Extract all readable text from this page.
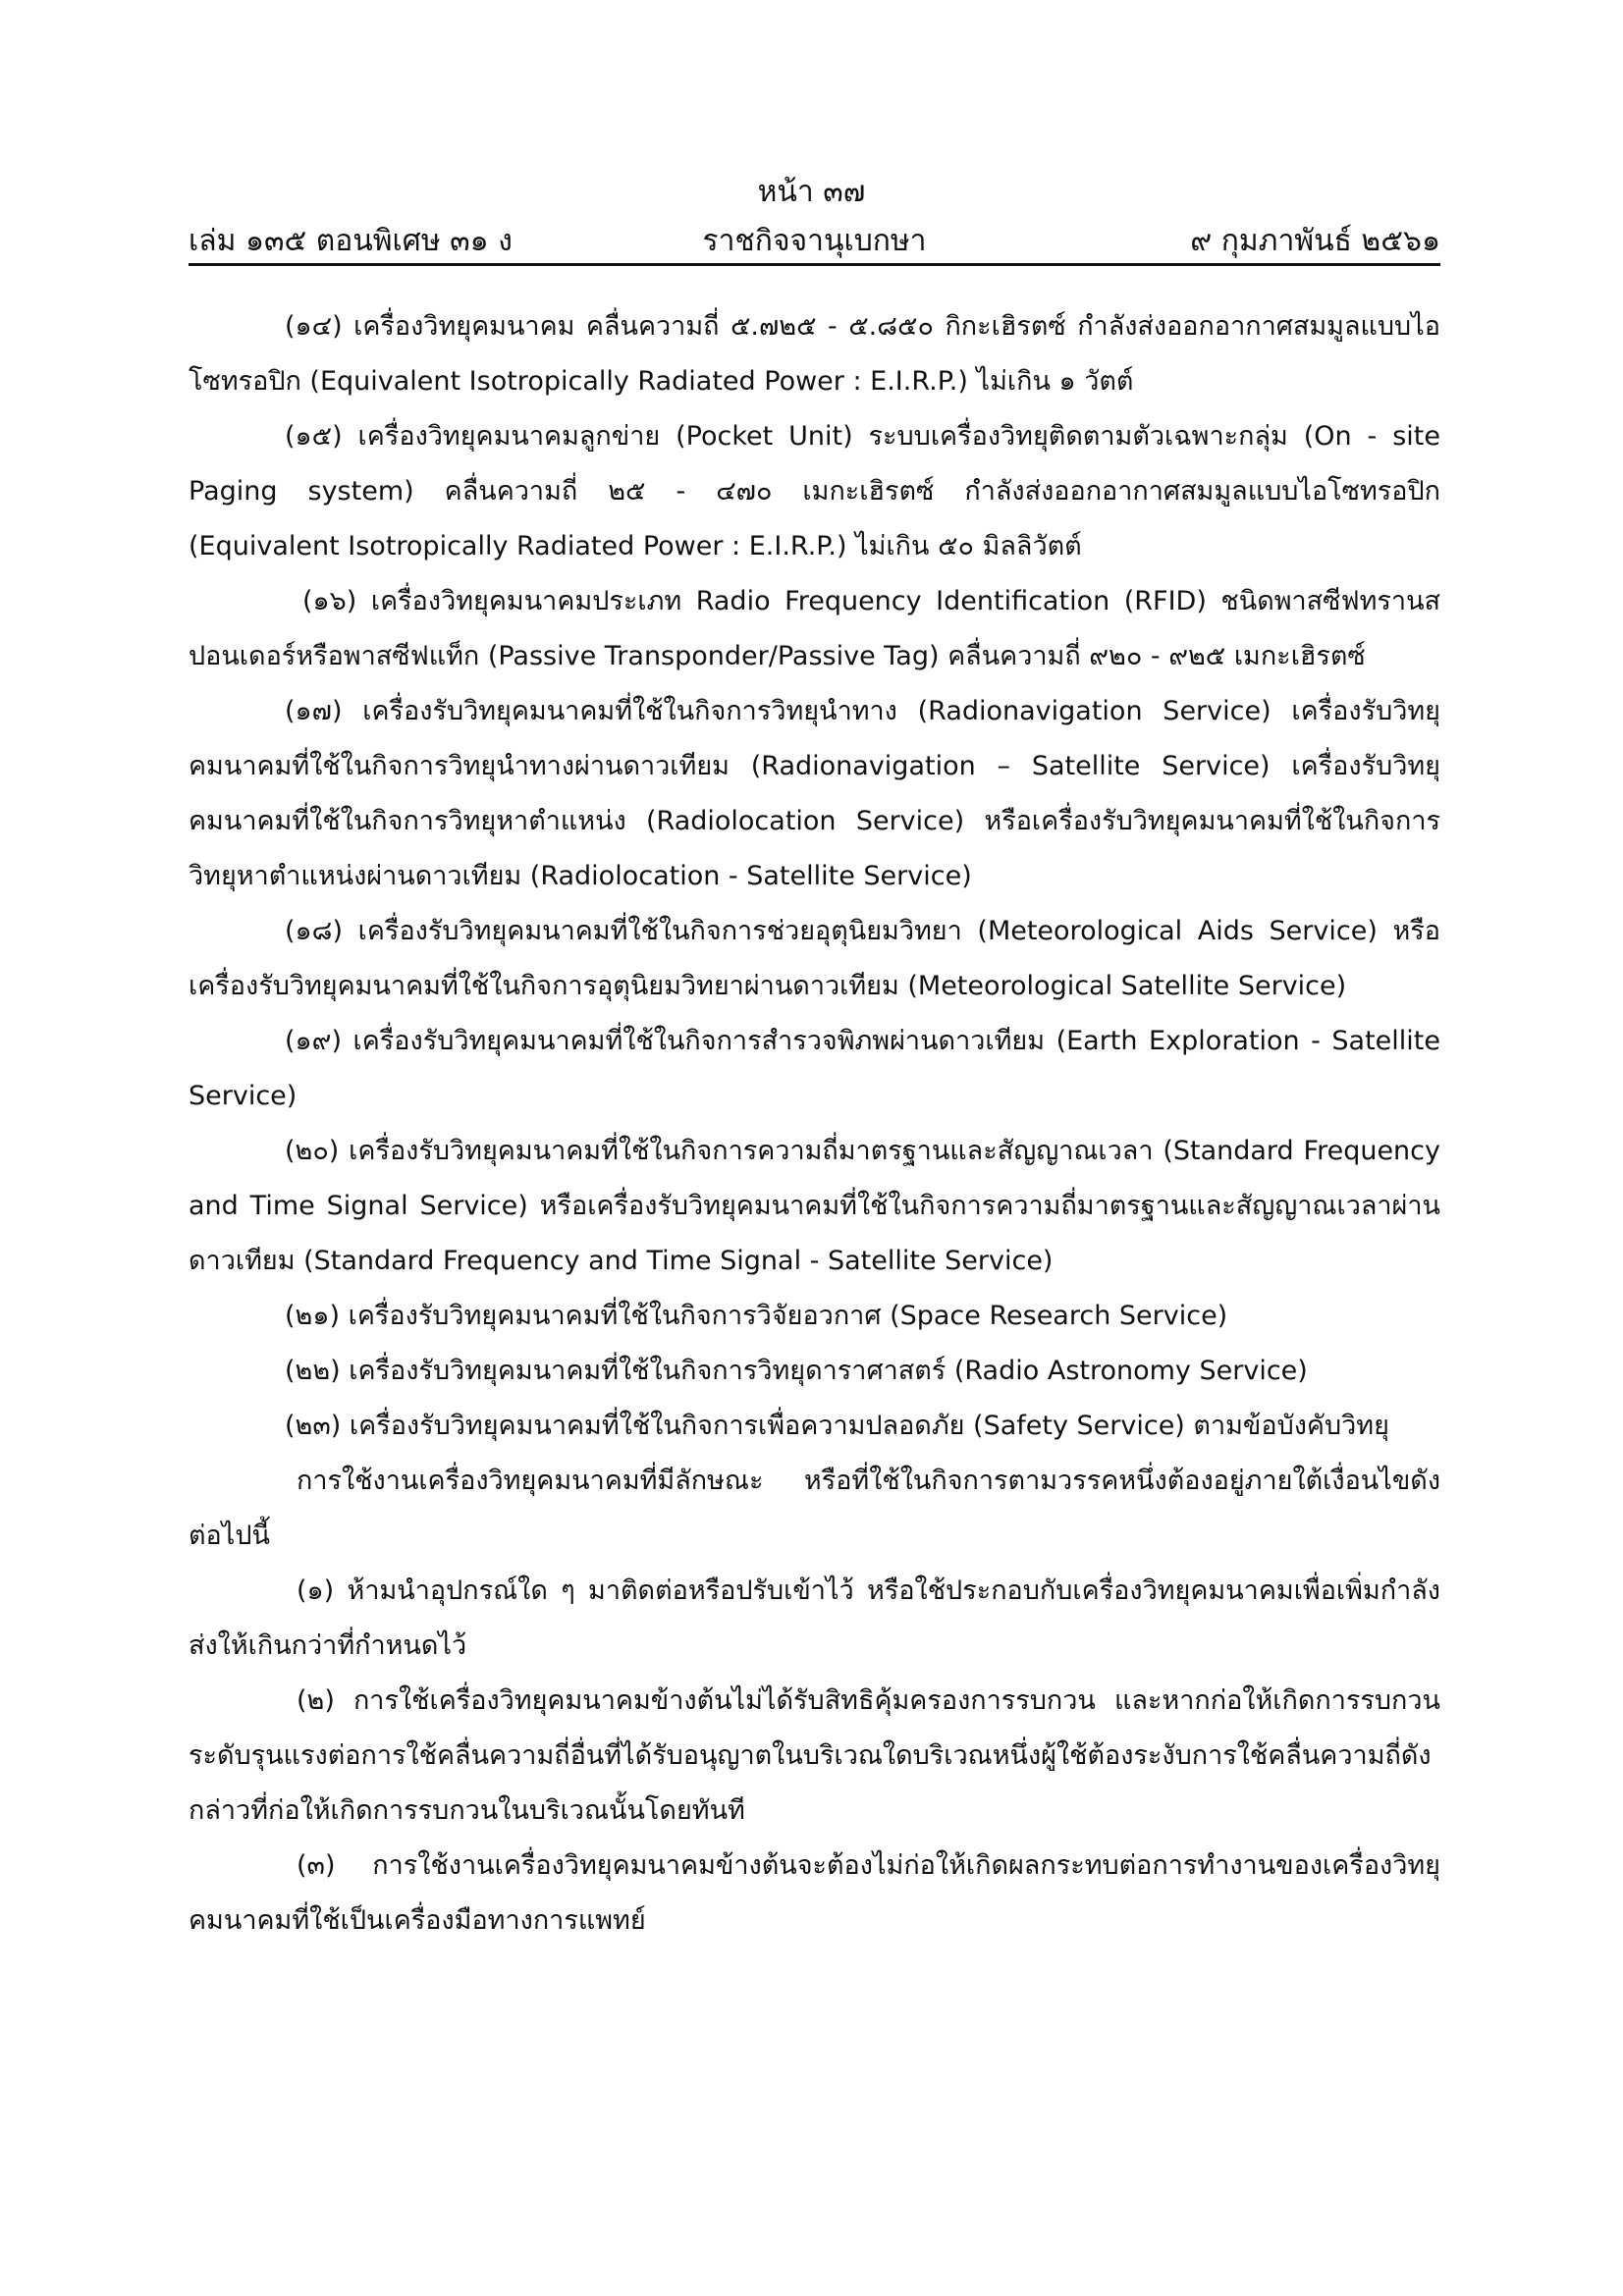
หน้า ๓๗
ราชกิจจานุเบกษา
เล่ม ๑๓๕ ตอนพิเศษ ๓๑ ง	๙ กุมภาพันธ์ ๒๕๖๑

(๑๔) เครื่องวิทยุคมนาคม คลื่นความถี่ ๕.๗๒๕ - ๕.๘๕๐ กิกะเฮิรตซ์ กำลังส่งออกอากาศสมมูลแบบไอโซทรอปิก (Equivalent Isotropically Radiated Power : E.I.R.P.) ไม่เกิน ๑ วัตต์

(๑๕) เครื่องวิทยุคมนาคมลูกข่าย (Pocket Unit) ระบบเครื่องวิทยุติดตามตัวเฉพาะกลุ่ม (On - site Paging system) คลื่นความถี่ ๒๕ - ๔๗๐ เมกะเฮิรตซ์ กำลังส่งออกอากาศสมมูลแบบไอโซทรอปิก (Equivalent Isotropically Radiated Power : E.I.R.P.) ไม่เกิน ๕๐ มิลลิวัตต์

(๑๖) เครื่องวิทยุคมนาคมประเภท Radio Frequency Identification (RFID) ชนิดพาสซีฟทรานสปอนเดอร์หรือพาสซีฟแท็ก (Passive Transponder/Passive Tag) คลื่นความถี่ ๙๒๐ - ๙๒๕ เมกะเฮิรตซ์

(๑๗) เครื่องรับวิทยุคมนาคมที่ใช้ในกิจการวิทยุนำทาง (Radionavigation Service) เครื่องรับวิทยุคมนาคมที่ใช้ในกิจการวิทยุนำทางผ่านดาวเทียม (Radionavigation – Satellite Service) เครื่องรับวิทยุคมนาคมที่ใช้ในกิจการวิทยุหาตำแหน่ง (Radiolocation Service) หรือเครื่องรับวิทยุคมนาคมที่ใช้ในกิจการวิทยุหาตำแหน่งผ่านดาวเทียม (Radiolocation - Satellite Service)

(๑๘) เครื่องรับวิทยุคมนาคมที่ใช้ในกิจการช่วยอุตุนิยมวิทยา (Meteorological Aids Service) หรือเครื่องรับวิทยุคมนาคมที่ใช้ในกิจการอุตุนิยมวิทยาผ่านดาวเทียม (Meteorological Satellite Service)

(๑๙) เครื่องรับวิทยุคมนาคมที่ใช้ในกิจการสำรวจพิภพผ่านดาวเทียม (Earth Exploration - Satellite Service)

(๒๐) เครื่องรับวิทยุคมนาคมที่ใช้ในกิจการความถี่มาตรฐานและสัญญาณเวลา (Standard Frequency and Time Signal Service) หรือเครื่องรับวิทยุคมนาคมที่ใช้ในกิจการความถี่มาตรฐานและสัญญาณเวลาผ่านดาวเทียม (Standard Frequency and Time Signal - Satellite Service)

(๒๑) เครื่องรับวิทยุคมนาคมที่ใช้ในกิจการวิจัยอวกาศ (Space Research Service)

(๒๒) เครื่องรับวิทยุคมนาคมที่ใช้ในกิจการวิทยุดาราศาสตร์ (Radio Astronomy Service)

(๒๓) เครื่องรับวิทยุคมนาคมที่ใช้ในกิจการเพื่อความปลอดภัย (Safety Service) ตามข้อบังคับวิทยุ

การใช้งานเครื่องวิทยุคมนาคมที่มีลักษณะ หรือที่ใช้ในกิจการตามวรรคหนึ่งต้องอยู่ภายใต้เงื่อนไขดังต่อไปนี้

(๑) ห้ามนำอุปกรณ์ใด ๆ มาติดต่อหรือปรับเข้าไว้ หรือใช้ประกอบกับเครื่องวิทยุคมนาคมเพื่อเพิ่มกำลังส่งให้เกินกว่าที่กำหนดไว้

(๒) การใช้เครื่องวิทยุคมนาคมข้างต้นไม่ได้รับสิทธิคุ้มครองการรบกวน และหากก่อให้เกิดการรบกวนระดับรุนแรงต่อการใช้คลื่นความถี่อื่นที่ได้รับอนุญาตในบริเวณใดบริเวณหนึ่งผู้ใช้ต้องระงับการใช้คลื่นความถี่ดังกล่าวที่ก่อให้เกิดการรบกวนในบริเวณนั้นโดยทันที

(๓) การใช้งานเครื่องวิทยุคมนาคมข้างต้นจะต้องไม่ก่อให้เกิดผลกระทบต่อการทำงานของเครื่องวิทยุคมนาคมที่ใช้เป็นเครื่องมือทางการแพทย์
